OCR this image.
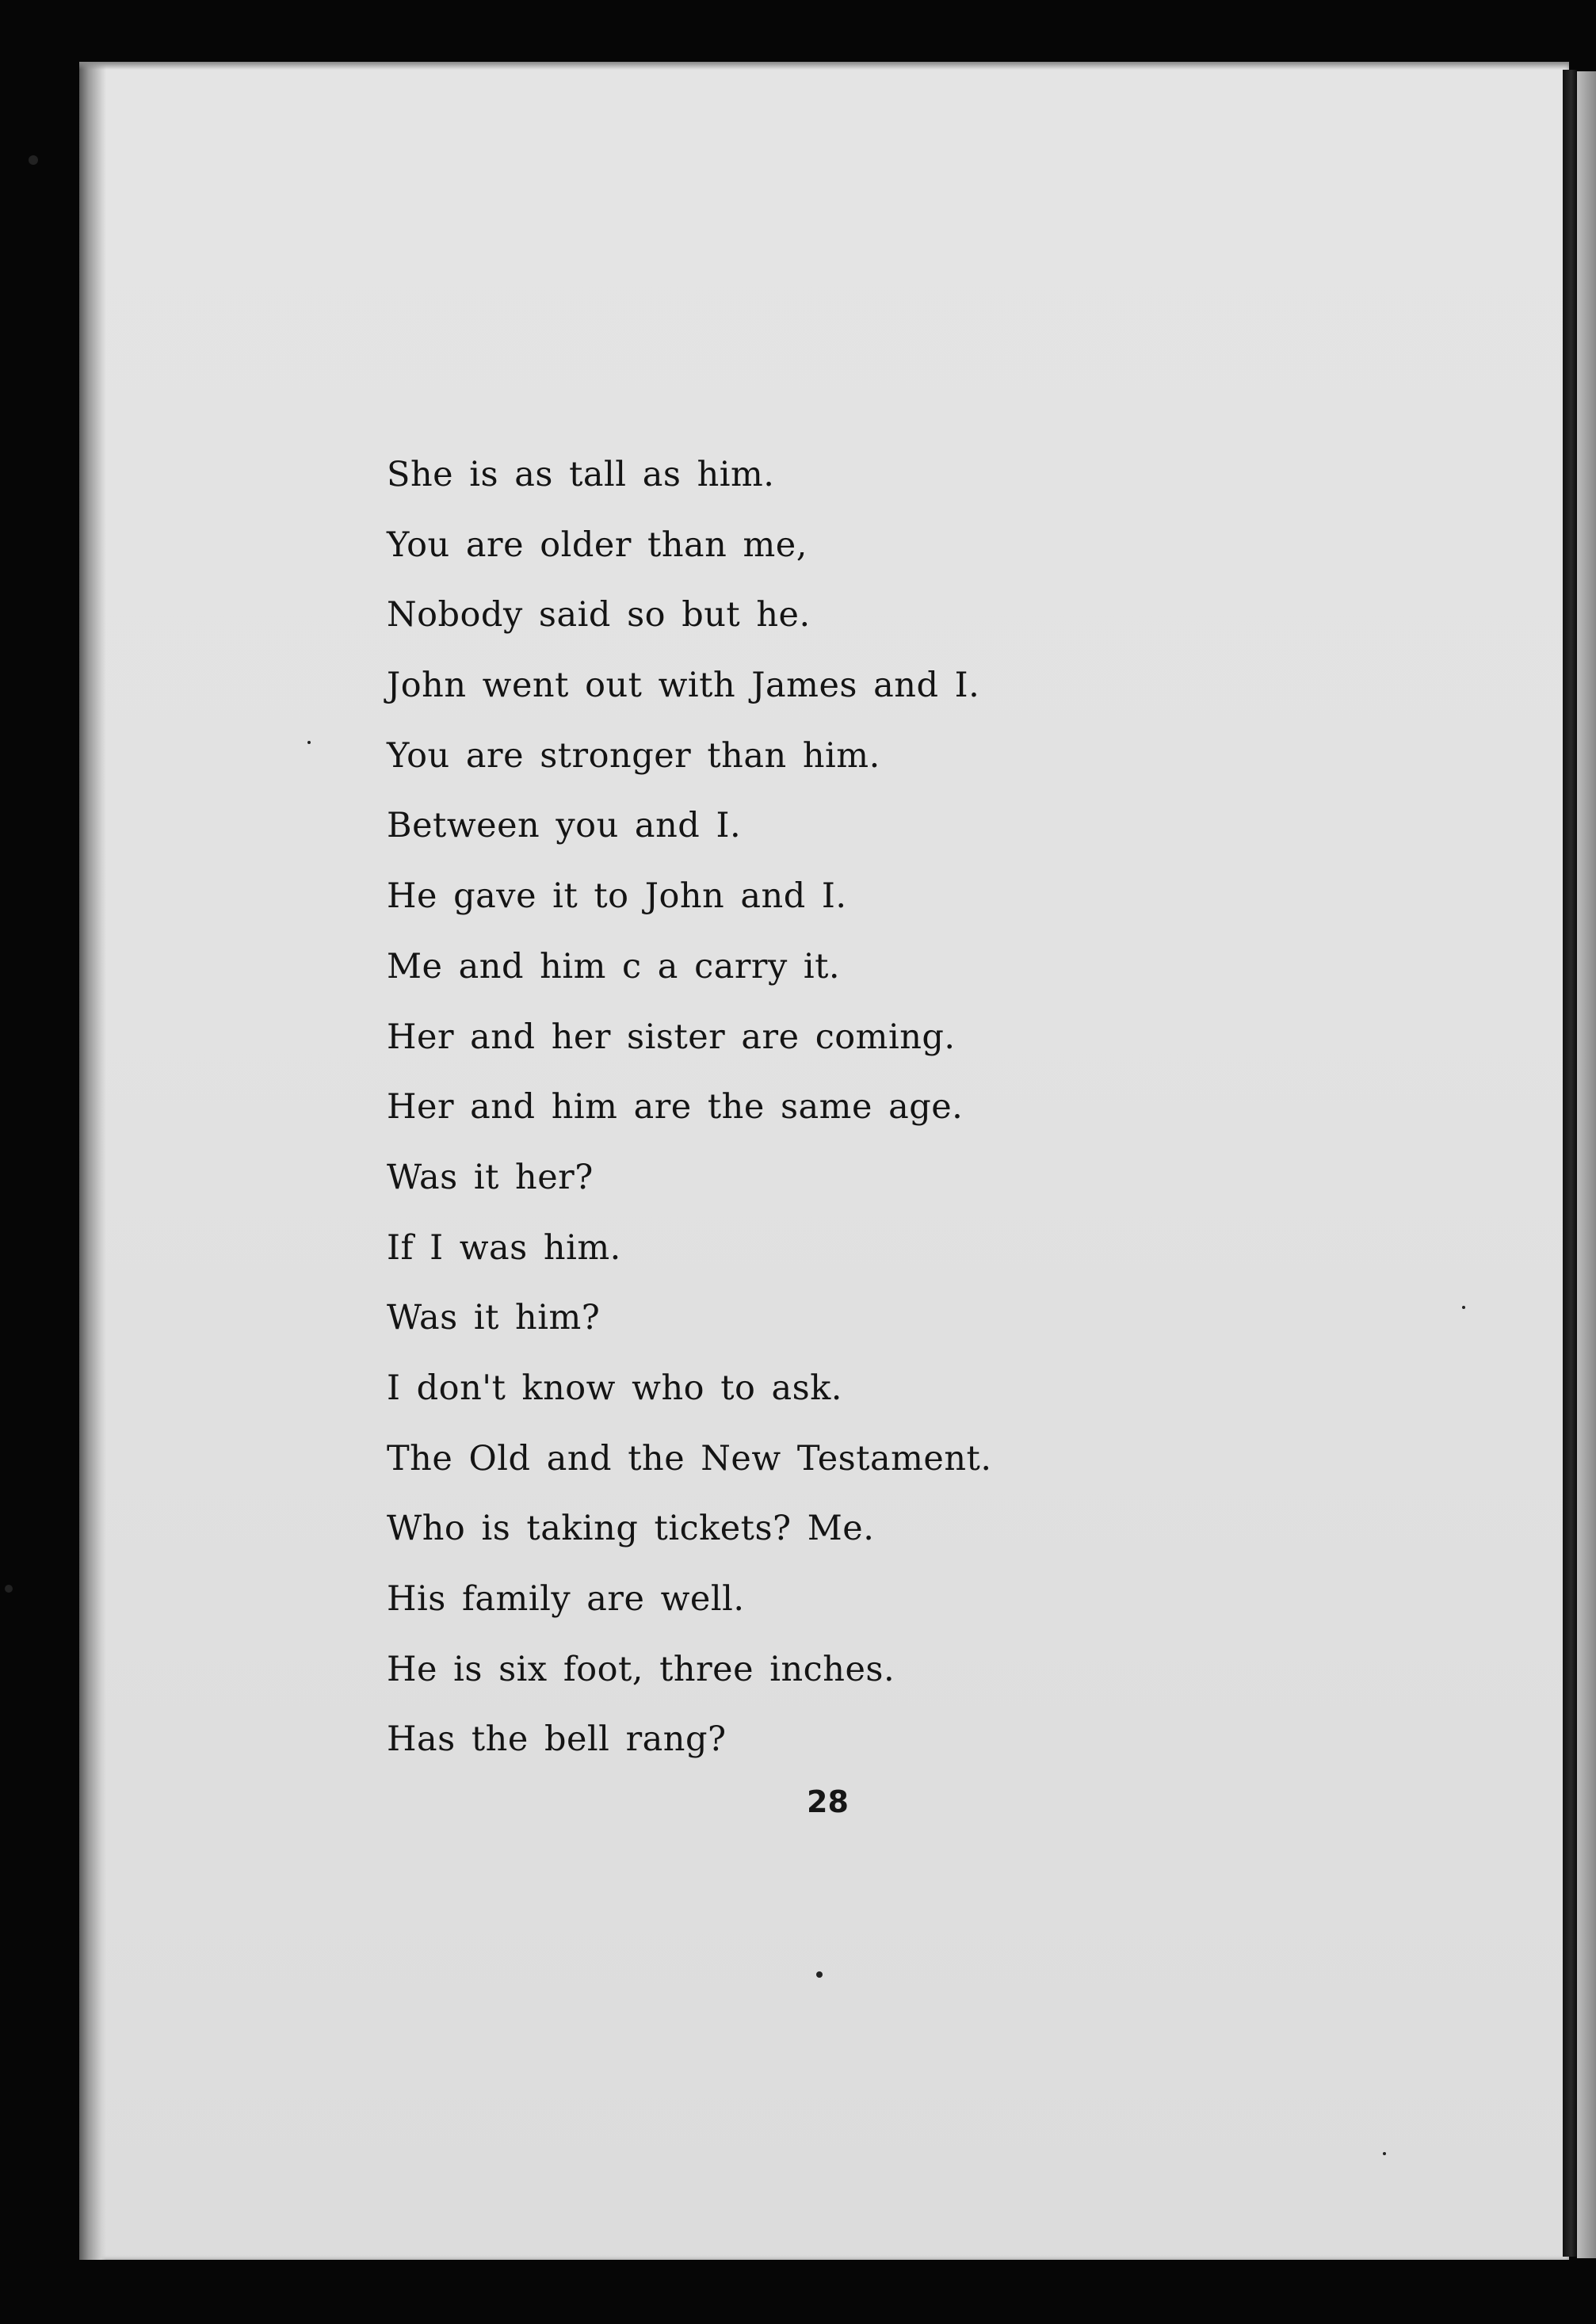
She is as tall as him.
You are older than me,
Nobody said so but he.
John went out with James and I.
You are stronger than him.
Between you and I.
He gave it to John and I.
Me and him c a carry it.
Her and her sister are coming.
Her and him are the same age.
Was it her?
If I was him.
Was it him?
I don't know who to ask.
The Old and the New Testament.
Who is taking tickets? Me.
His family are well.
He is six foot, three inches.
Has the bell rang?
28
